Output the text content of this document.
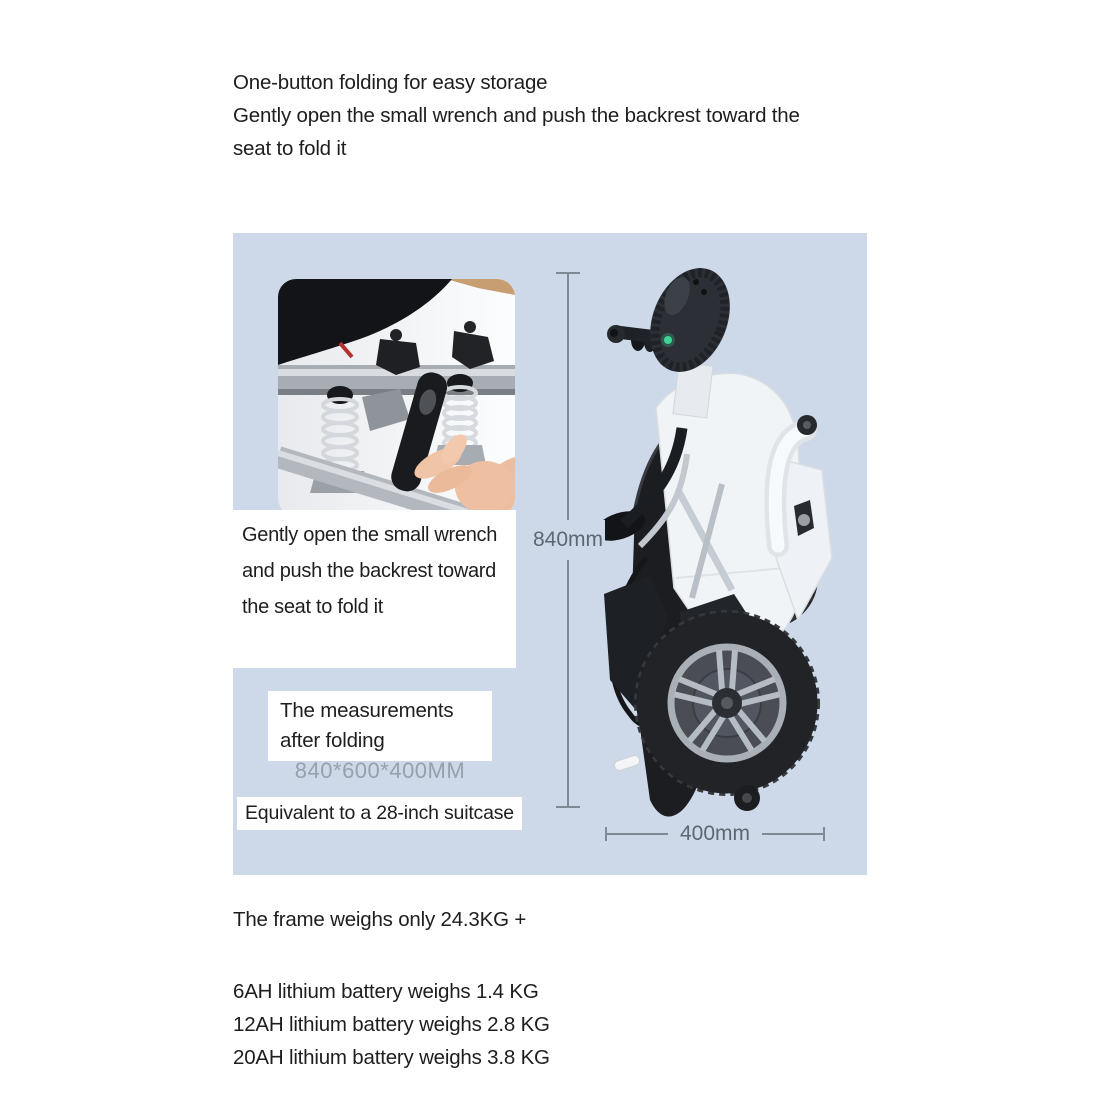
One-button folding for easy storage
Gently open the small wrench and push the backrest toward the
seat to fold it
Gently open the small wrench
and push the backrest toward
the seat to fold it
The measurements
after folding
840*600*400MM
Equivalent to a 28-inch suitcase
840mm
400mm
The frame weighs only 24.3KG +
6AH lithium battery weighs 1.4 KG
12AH lithium battery weighs 2.8 KG
20AH lithium battery weighs 3.8 KG
